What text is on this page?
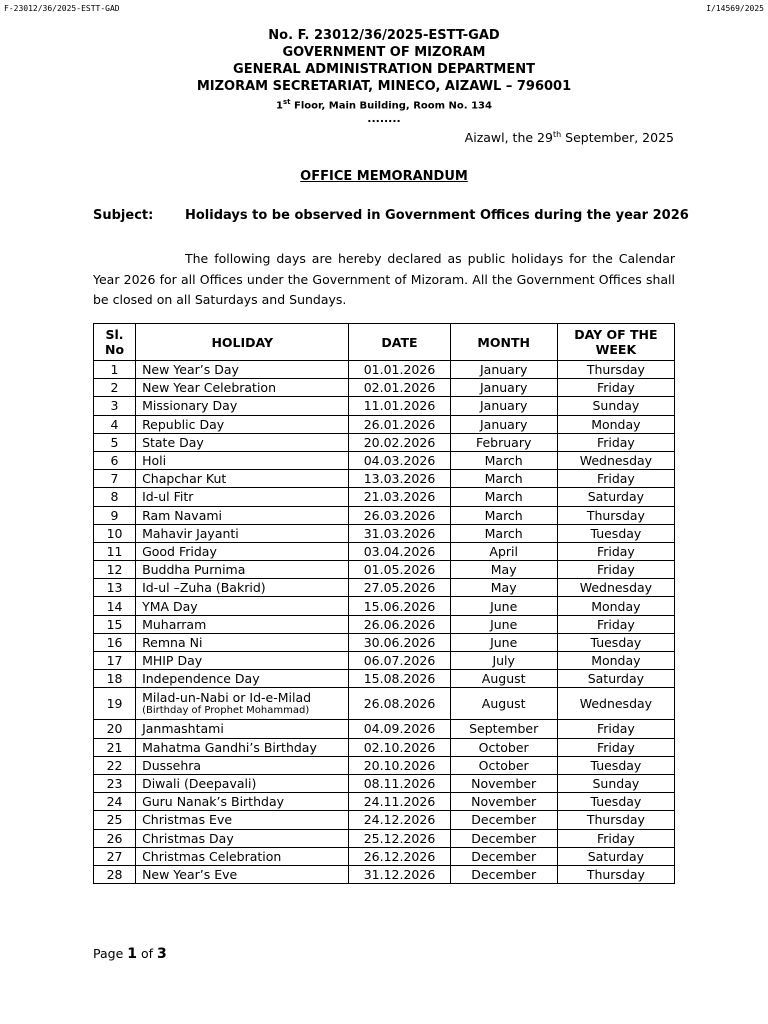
F-23012/36/2025-ESTT-GAD	I/14569/2025
No. F. 23012/36/2025-ESTT-GAD
GOVERNMENT OF MIZORAM
GENERAL ADMINISTRATION DEPARTMENT
MIZORAM SECRETARIAT, MINECO, AIZAWL – 796001
1st Floor, Main Building, Room No. 134
........
Aizawl, the 29th September, 2025
OFFICE MEMORANDUM
Subject: Holidays to be observed in Government Offices during the year 2026
The following days are hereby declared as public holidays for the Calendar Year 2026 for all Offices under the Government of Mizoram. All the Government Offices shall be closed on all Saturdays and Sundays.
Sl. No	HOLIDAY	DATE	MONTH	DAY OF THE WEEK
1	New Year’s Day	01.01.2026	January	Thursday
2	New Year Celebration	02.01.2026	January	Friday
3	Missionary Day	11.01.2026	January	Sunday
4	Republic Day	26.01.2026	January	Monday
5	State Day	20.02.2026	February	Friday
6	Holi	04.03.2026	March	Wednesday
7	Chapchar Kut	13.03.2026	March	Friday
8	Id-ul Fitr	21.03.2026	March	Saturday
9	Ram Navami	26.03.2026	March	Thursday
10	Mahavir Jayanti	31.03.2026	March	Tuesday
11	Good Friday	03.04.2026	April	Friday
12	Buddha Purnima	01.05.2026	May	Friday
13	Id-ul –Zuha (Bakrid)	27.05.2026	May	Wednesday
14	YMA Day	15.06.2026	June	Monday
15	Muharram	26.06.2026	June	Friday
16	Remna Ni	30.06.2026	June	Tuesday
17	MHIP Day	06.07.2026	July	Monday
18	Independence Day	15.08.2026	August	Saturday
19	Milad-un-Nabi or Id-e-Milad
(Birthday of Prophet Mohammad)	26.08.2026	August	Wednesday
20	Janmashtami	04.09.2026	September	Friday
21	Mahatma Gandhi’s Birthday	02.10.2026	October	Friday
22	Dussehra	20.10.2026	October	Tuesday
23	Diwali (Deepavali)	08.11.2026	November	Sunday
24	Guru Nanak’s Birthday	24.11.2026	November	Tuesday
25	Christmas Eve	24.12.2026	December	Thursday
26	Christmas Day	25.12.2026	December	Friday
27	Christmas Celebration	26.12.2026	December	Saturday
28	New Year’s Eve	31.12.2026	December	Thursday
Page 1 of 3
